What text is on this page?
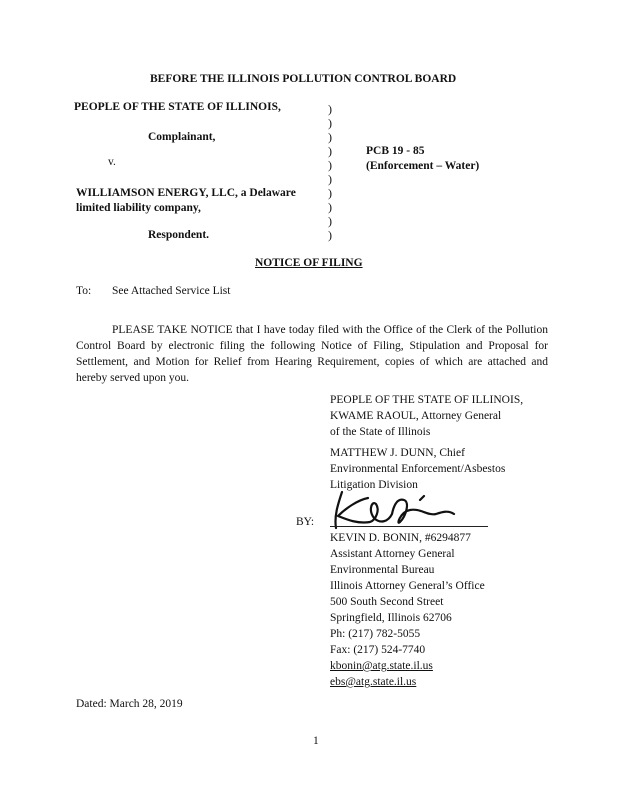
BEFORE THE ILLINOIS POLLUTION CONTROL BOARD
PEOPLE OF THE STATE OF ILLINOIS,
Complainant,
v.
WILLIAMSON ENERGY, LLC, a Delaware
limited liability company,
Respondent.
)
)
)
)
)
)
)
)
)
)
PCB 19 - 85
(Enforcement – Water)
NOTICE OF FILING
To: See Attached Service List
PLEASE TAKE NOTICE that I have today filed with the Office of the Clerk of the Pollution Control Board by electronic filing the following Notice of Filing, Stipulation and Proposal for Settlement, and Motion for Relief from Hearing Requirement, copies of which are attached and hereby served upon you.
PEOPLE OF THE STATE OF ILLINOIS,
KWAME RAOUL, Attorney General
of the State of Illinois
MATTHEW J. DUNN, Chief
Environmental Enforcement/Asbestos
Litigation Division
BY:
KEVIN D. BONIN, #6294877
Assistant Attorney General
Environmental Bureau
Illinois Attorney General’s Office
500 South Second Street
Springfield, Illinois 62706
Ph: (217) 782-5055
Fax: (217) 524-7740
kbonin@atg.state.il.us
ebs@atg.state.il.us
Dated: March 28, 2019
1
